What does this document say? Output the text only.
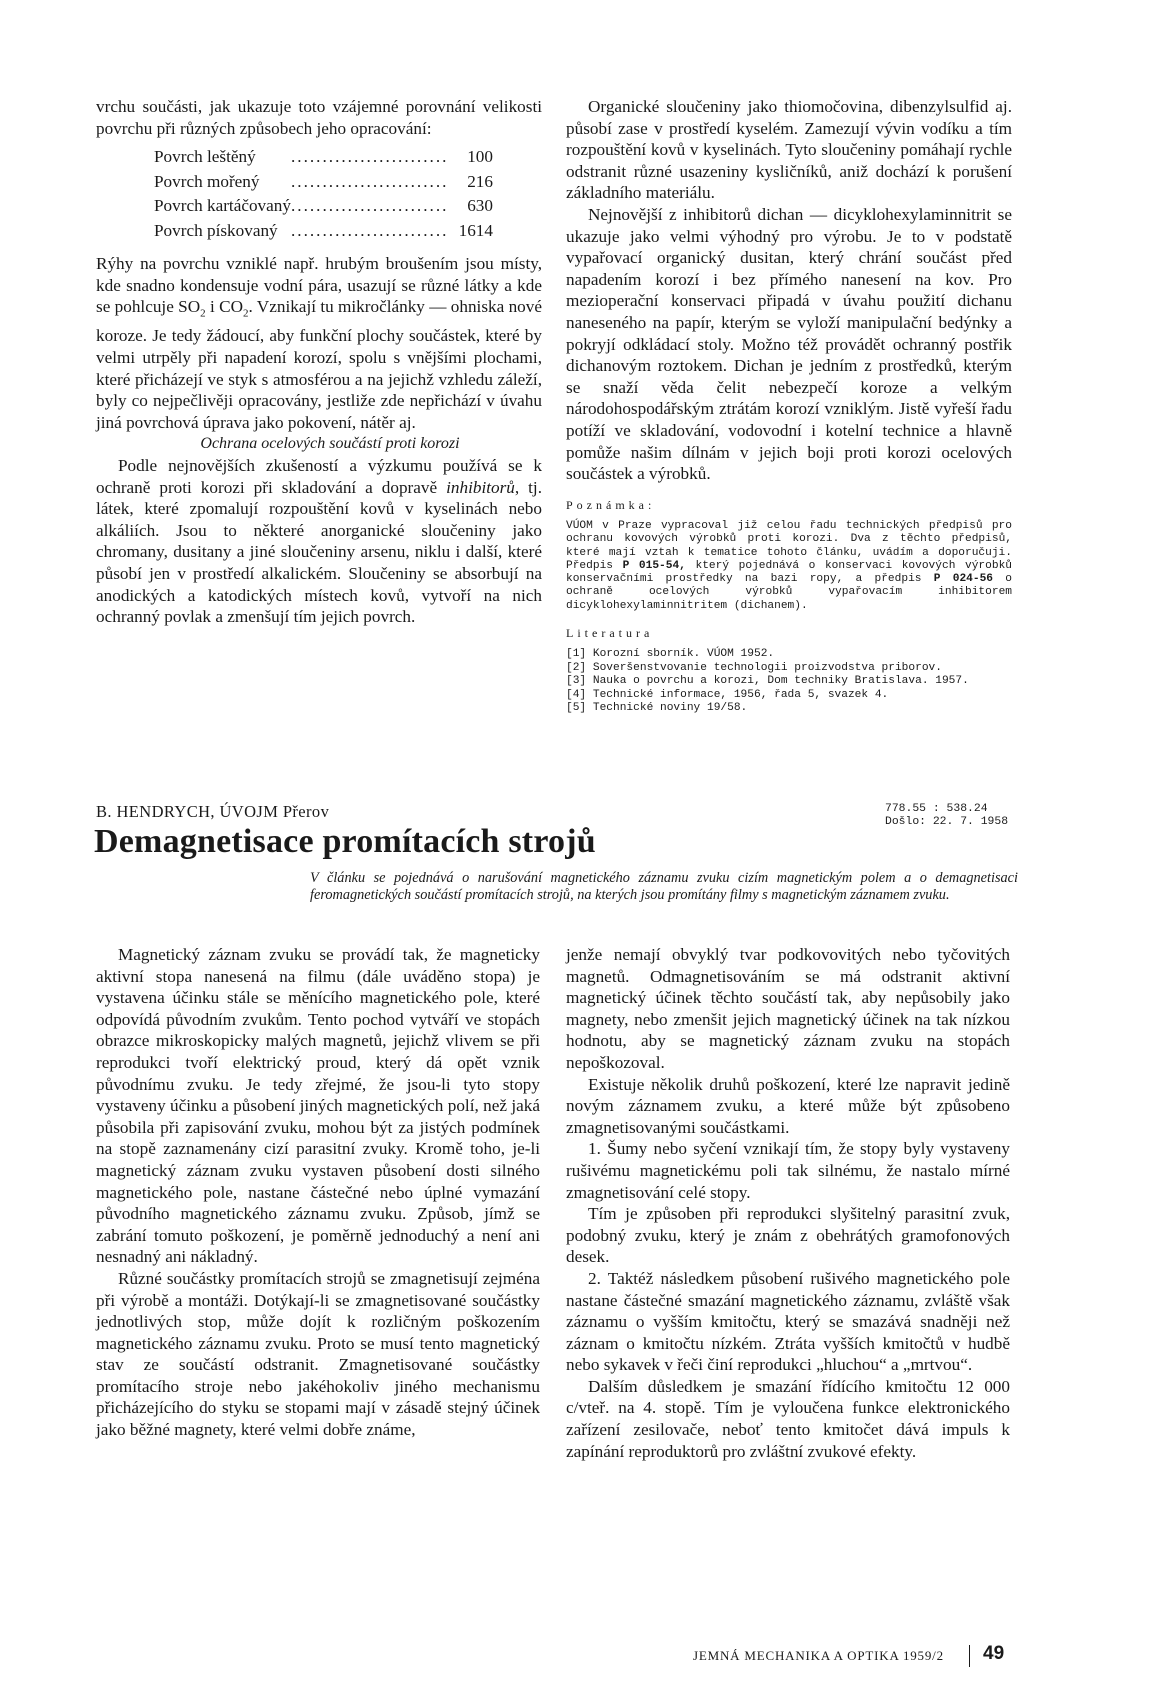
vrchu součásti, jak ukazuje toto vzájemné porovnání velikosti povrchu při různých způsobech jeho opracování:

Povrch leštěný	.........................	100
Povrch mořený	.........................	216
Povrch kartáčovaný	.........................	630
Povrch pískovaný	.........................	1614

Rýhy na povrchu vzniklé např. hrubým broušením jsou místy, kde snadno kondensuje vodní pára, usazují se různé látky a kde se pohlcuje $SO_2$ i $CO_2$. Vznikají tu mikročlánky — ohniska nové koroze. Je tedy žádoucí, aby funkční plochy součástek, které by velmi utrpěly při napadení korozí, spolu s vnějšími plochami, které přicházejí ve styk s atmosférou a na jejichž vzhledu záleží, byly co nejpečlivěji opracovány, jestliže zde nepřichází v úvahu jiná povrchová úprava jako pokovení, nátěr aj.

Ochrana ocelových součástí proti korozi

Podle nejnovějších zkušeností a výzkumu používá se k ochraně proti korozi při skladování a dopravě inhibitorů, tj. látek, které zpomalují rozpouštění kovů v kyselinách nebo alkáliích. Jsou to některé anorganické sloučeniny jako chromany, dusitany a jiné sloučeniny arsenu, niklu i další, které působí jen v prostředí alkalickém. Sloučeniny se absorbují na anodických a katodických místech kovů, vytvoří na nich ochranný povlak a zmenšují tím jejich povrch.

Organické sloučeniny jako thiomočovina, dibenzylsulfid aj. působí zase v prostředí kyselém. Zamezují vývin vodíku a tím rozpouštění kovů v kyselinách. Tyto sloučeniny pomáhají rychle odstranit různé usazeniny kysličníků, aniž dochází k porušení základního materiálu.

Nejnovější z inhibitorů dichan — dicyklohexylaminnitrit se ukazuje jako velmi výhodný pro výrobu. Je to v podstatě vypařovací organický dusitan, který chrání součást před napadením korozí i bez přímého nanesení na kov. Pro mezioperační konservaci připadá v úvahu použití dichanu naneseného na papír, kterým se vyloží manipulační bedýnky a pokryjí odkládací stoly. Možno též provádět ochranný postřik dichanovým roztokem. Dichan je jedním z prostředků, kterým se snaží věda čelit nebezpečí koroze a velkým národohospodářským ztrátám korozí vzniklým. Jistě vyřeší řadu potíží ve skladování, vodovodní i kotelní technice a hlavně pomůže našim dílnám v jejich boji proti korozi ocelových součástek a výrobků.

Poznámka:
VÚOM v Praze vypracoval již celou řadu technických předpisů pro ochranu kovových výrobků proti korozi. Dva z těchto předpisů, které mají vztah k tematice tohoto článku, uvádím a doporučuji. Předpis P 015-54, který pojednává o konservaci kovových výrobků konservačními prostředky na bazi ropy, a předpis P 024-56 o ochraně ocelových výrobků vypařovacím inhibitorem dicyklohexylaminnitritem (dichanem).
Literatura
[1] Korozní sborník. VÚOM 1952.
[2] Soveršenstvovanie technologii proizvodstva priborov.
[3] Nauka o povrchu a korozi, Dom techniky Bratislava. 1957.
[4] Technické informace, 1956, řada 5, svazek 4.
[5] Technické noviny 19/58.
B. HENDRYCH, ÚVOJM Přerov	778.55 : 538.24
Došlo: 22. 7. 1958
Demagnetisace promítacích strojů
V článku se pojednává o narušování magnetického záznamu zvuku cizím magnetickým polem a o demagnetisaci feromagnetických součástí promítacích strojů, na kterých jsou promítány filmy s magnetickým záznamem zvuku.

Magnetický záznam zvuku se provádí tak, že magneticky aktivní stopa nanesená na filmu (dále uváděno stopa) je vystavena účinku stále se měnícího magnetického pole, které odpovídá původním zvukům. Tento pochod vytváří ve stopách obrazce mikroskopicky malých magnetů, jejichž vlivem se při reprodukci tvoří elektrický proud, který dá opět vznik původnímu zvuku. Je tedy zřejmé, že jsou-li tyto stopy vystaveny účinku a působení jiných magnetických polí, než jaká působila při zapisování zvuku, mohou být za jistých podmínek na stopě zaznamenány cizí parasitní zvuky. Kromě toho, je-li magnetický záznam zvuku vystaven působení dosti silného magnetického pole, nastane částečné nebo úplné vymazání původního magnetického záznamu zvuku. Způsob, jímž se zabrání tomuto poškození, je poměrně jednoduchý a není ani nesnadný ani nákladný.

Různé součástky promítacích strojů se zmagnetisují zejména při výrobě a montáži. Dotýkají-li se zmagnetisované součástky jednotlivých stop, může dojít k rozličným poškozením magnetického záznamu zvuku. Proto se musí tento magnetický stav ze součástí odstranit. Zmagnetisované součástky promítacího stroje nebo jakéhokoliv jiného mechanismu přicházejícího do styku se stopami mají v zásadě stejný účinek jako běžné magnety, které velmi dobře známe,

jenže nemají obvyklý tvar podkovovitých nebo tyčovitých magnetů. Odmagnetisováním se má odstranit aktivní magnetický účinek těchto součástí tak, aby nepůsobily jako magnety, nebo zmenšit jejich magnetický účinek na tak nízkou hodnotu, aby se magnetický záznam zvuku na stopách nepoškozoval.

Existuje několik druhů poškození, které lze napravit jedině novým záznamem zvuku, a které může být způsobeno zmagnetisovanými součástkami.

1. Šumy nebo syčení vznikají tím, že stopy byly vystaveny rušivému magnetickému poli tak silnému, že nastalo mírné zmagnetisování celé stopy.

Tím je způsoben při reprodukci slyšitelný parasitní zvuk, podobný zvuku, který je znám z obehrátých gramofonových desek.

2. Taktéž následkem působení rušivého magnetického pole nastane částečné smazání magnetického záznamu, zvláště však záznamu o vyšším kmitočtu, který se smazává snadněji než záznam o kmitočtu nízkém. Ztráta vyšších kmitočtů v hudbě nebo sykavek v řeči činí reprodukci „hluchou“ a „mrtvou“.

Dalším důsledkem je smazání řídícího kmitočtu 12 000 c/vteř. na 4. stopě. Tím je vyloučena funkce elektronického zařízení zesilovače, neboť tento kmitočet dává impuls k zapínání reproduktorů pro zvláštní zvukové efekty.

JEMNÁ MECHANIKA A OPTIKA 1959/2 49
